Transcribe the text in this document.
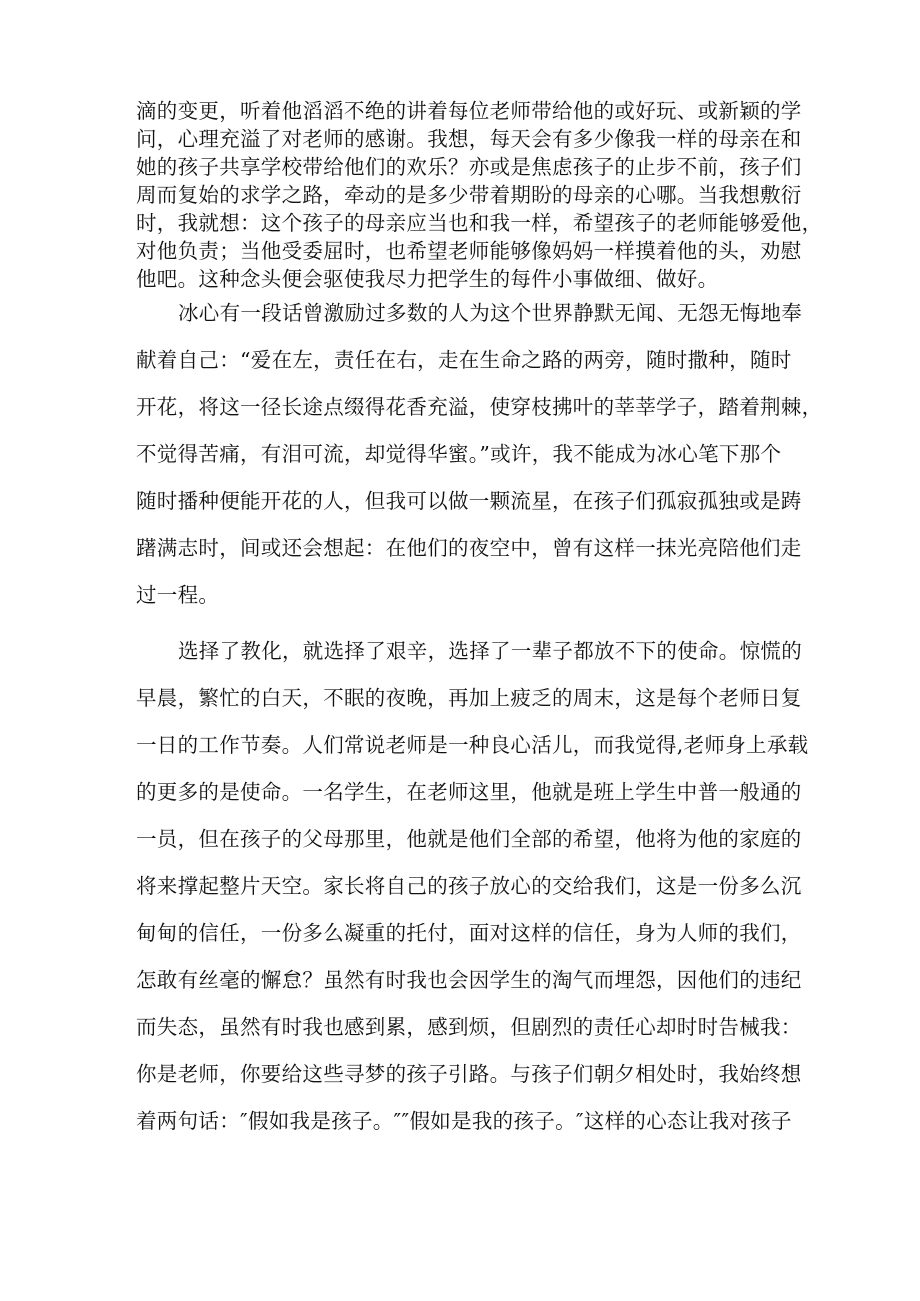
滴的变更，听着他滔滔不绝的讲着每位老师带给他的或好玩、或新颖的学
问，心理充溢了对老师的感谢。我想，每天会有多少像我一样的母亲在和
她的孩子共享学校带给他们的欢乐？亦或是焦虑孩子的止步不前，孩子们
周而复始的求学之路，牵动的是多少带着期盼的母亲的心哪。当我想敷衍
时，我就想：这个孩子的母亲应当也和我一样，希望孩子的老师能够爱他，
对他负责；当他受委屈时，也希望老师能够像妈妈一样摸着他的头，劝慰
他吧。这种念头便会驱使我尽力把学生的每件小事做细、做好。
冰心有一段话曾激励过多数的人为这个世界静默无闻、无怨无悔地奉
献着自己：“爱在左，责任在右，走在生命之路的两旁，随时撒种，随时
开花，将这一径长途点缀得花香充溢，使穿枝拂叶的莘莘学子，踏着荆棘，
不觉得苦痛，有泪可流，却觉得华蜜。”或许，我不能成为冰心笔下那个
随时播种便能开花的人，但我可以做一颗流星，在孩子们孤寂孤独或是踌
躇满志时，间或还会想起：在他们的夜空中，曾有这样一抹光亮陪他们走
过一程。
选择了教化，就选择了艰辛，选择了一辈子都放不下的使命。惊慌的
早晨，繁忙的白天，不眠的夜晚，再加上疲乏的周末，这是每个老师日复
一日的工作节奏。人们常说老师是一种良心活儿，而我觉得,老师身上承载
的更多的是使命。一名学生，在老师这里，他就是班上学生中普一般通的
一员，但在孩子的父母那里，他就是他们全部的希望，他将为他的家庭的
将来撑起整片天空。家长将自己的孩子放心的交给我们，这是一份多么沉
甸甸的信任，一份多么凝重的托付，面对这样的信任，身为人师的我们，
怎敢有丝毫的懈怠？虽然有时我也会因学生的淘气而埋怨，因他们的违纪
而失态，虽然有时我也感到累，感到烦，但剧烈的责任心却时时告械我：
你是老师，你要给这些寻梦的孩子引路。与孩子们朝夕相处时，我始终想
着两句话：″假如我是孩子。″″假如是我的孩子。″这样的心态让我对孩子
